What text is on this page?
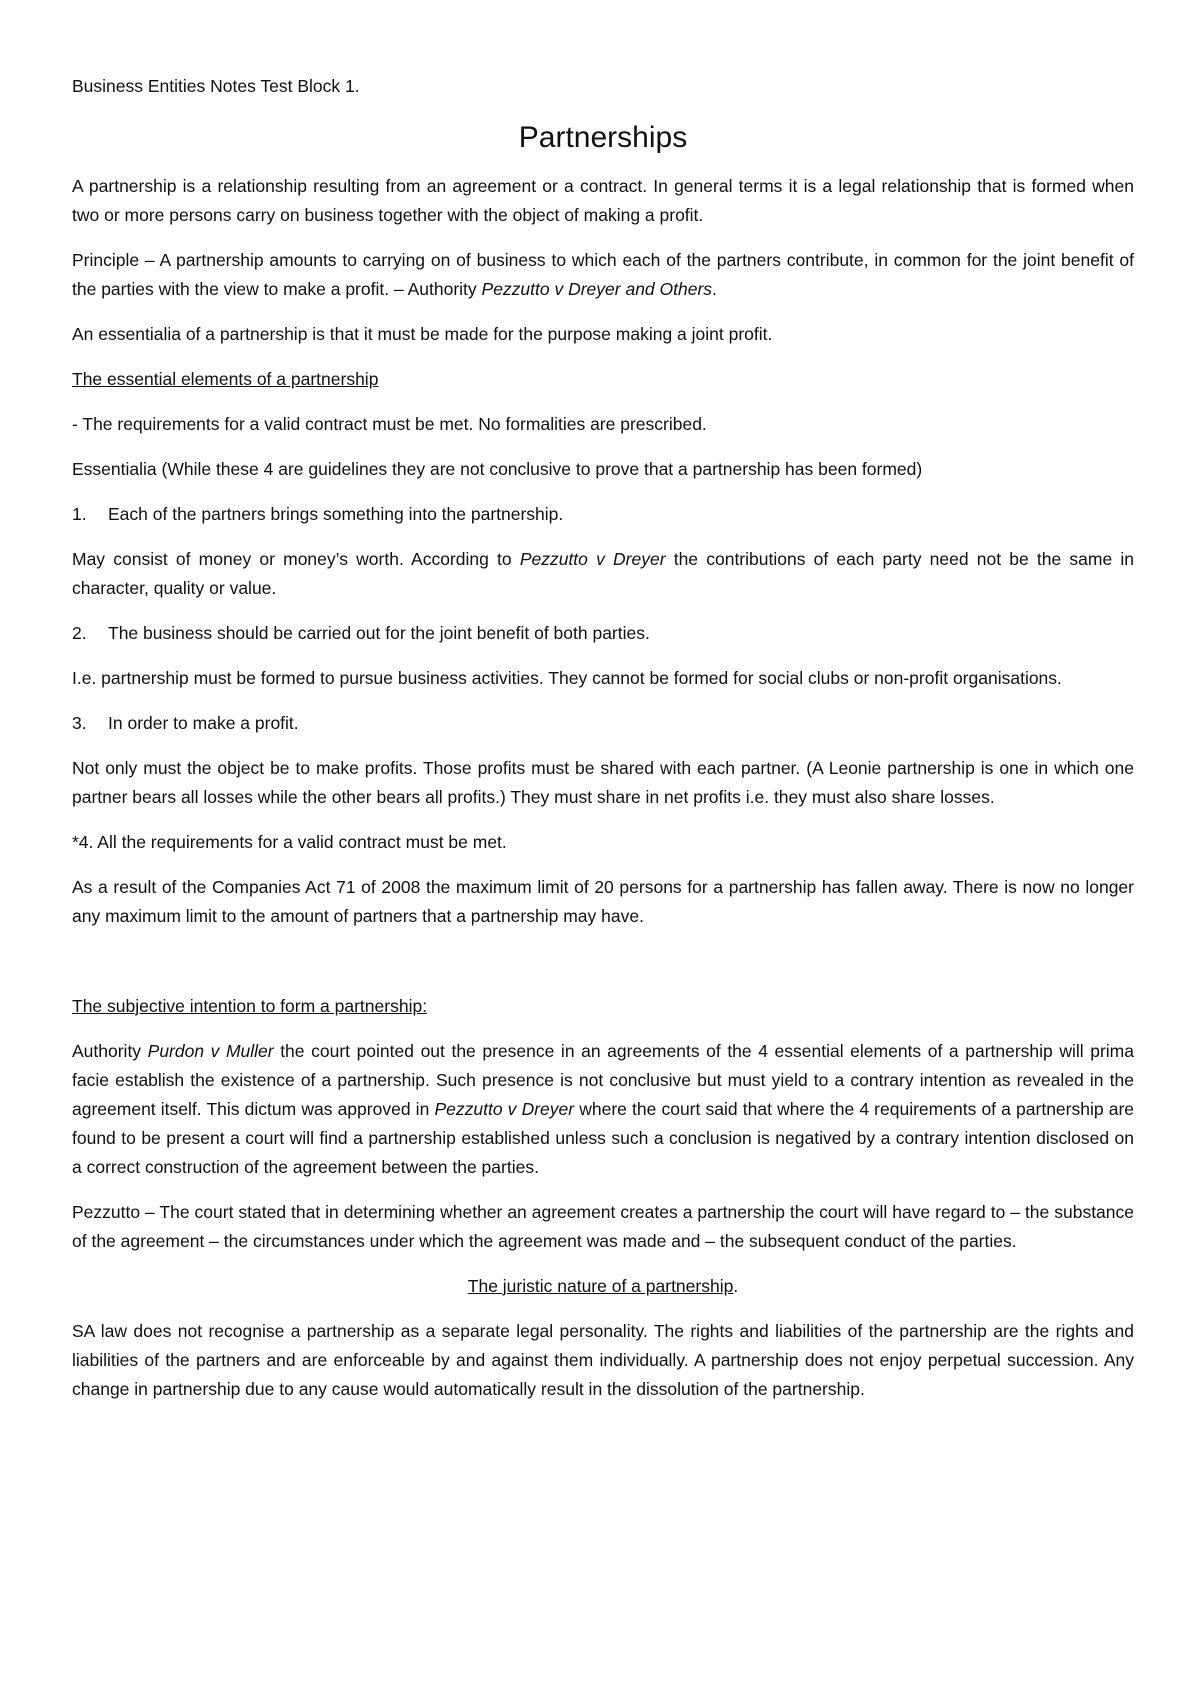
Business Entities Notes Test Block 1.
Partnerships

A partnership is a relationship resulting from an agreement or a contract. In general terms it is a legal relationship that is formed when two or more persons carry on business together with the object of making a profit.

Principle – A partnership amounts to carrying on of business to which each of the partners contribute, in common for the joint benefit of the parties with the view to make a profit. – Authority Pezzutto v Dreyer and Others.

An essentialia of a partnership is that it must be made for the purpose making a joint profit.

The essential elements of a partnership

- The requirements for a valid contract must be met. No formalities are prescribed.

Essentialia (While these 4 are guidelines they are not conclusive to prove that a partnership has been formed)

1.	Each of the partners brings something into the partnership.

May consist of money or money’s worth. According to Pezzutto v Dreyer the contributions of each party need not be the same in character, quality or value.

2.	The business should be carried out for the joint benefit of both parties.

I.e. partnership must be formed to pursue business activities. They cannot be formed for social clubs or non-profit organisations.

3.	In order to make a profit.

Not only must the object be to make profits. Those profits must be shared with each partner. (A Leonie partnership is one in which one partner bears all losses while the other bears all profits.) They must share in net profits i.e. they must also share losses.

*4. All the requirements for a valid contract must be met.

As a result of the Companies Act 71 of 2008 the maximum limit of 20 persons for a partnership has fallen away. There is now no longer any maximum limit to the amount of partners that a partnership may have.

The subjective intention to form a partnership:

Authority Purdon v Muller the court pointed out the presence in an agreements of the 4 essential elements of a partnership will prima facie establish the existence of a partnership. Such presence is not conclusive but must yield to a contrary intention as revealed in the agreement itself. This dictum was approved in Pezzutto v Dreyer where the court said that where the 4 requirements of a partnership are found to be present a court will find a partnership established unless such a conclusion is negatived by a contrary intention disclosed on a correct construction of the agreement between the parties.

Pezzutto – The court stated that in determining whether an agreement creates a partnership the court will have regard to – the substance of the agreement – the circumstances under which the agreement was made and – the subsequent conduct of the parties.

The juristic nature of a partnership.

SA law does not recognise a partnership as a separate legal personality. The rights and liabilities of the partnership are the rights and liabilities of the partners and are enforceable by and against them individually. A partnership does not enjoy perpetual succession. Any change in partnership due to any cause would automatically result in the dissolution of the partnership.
